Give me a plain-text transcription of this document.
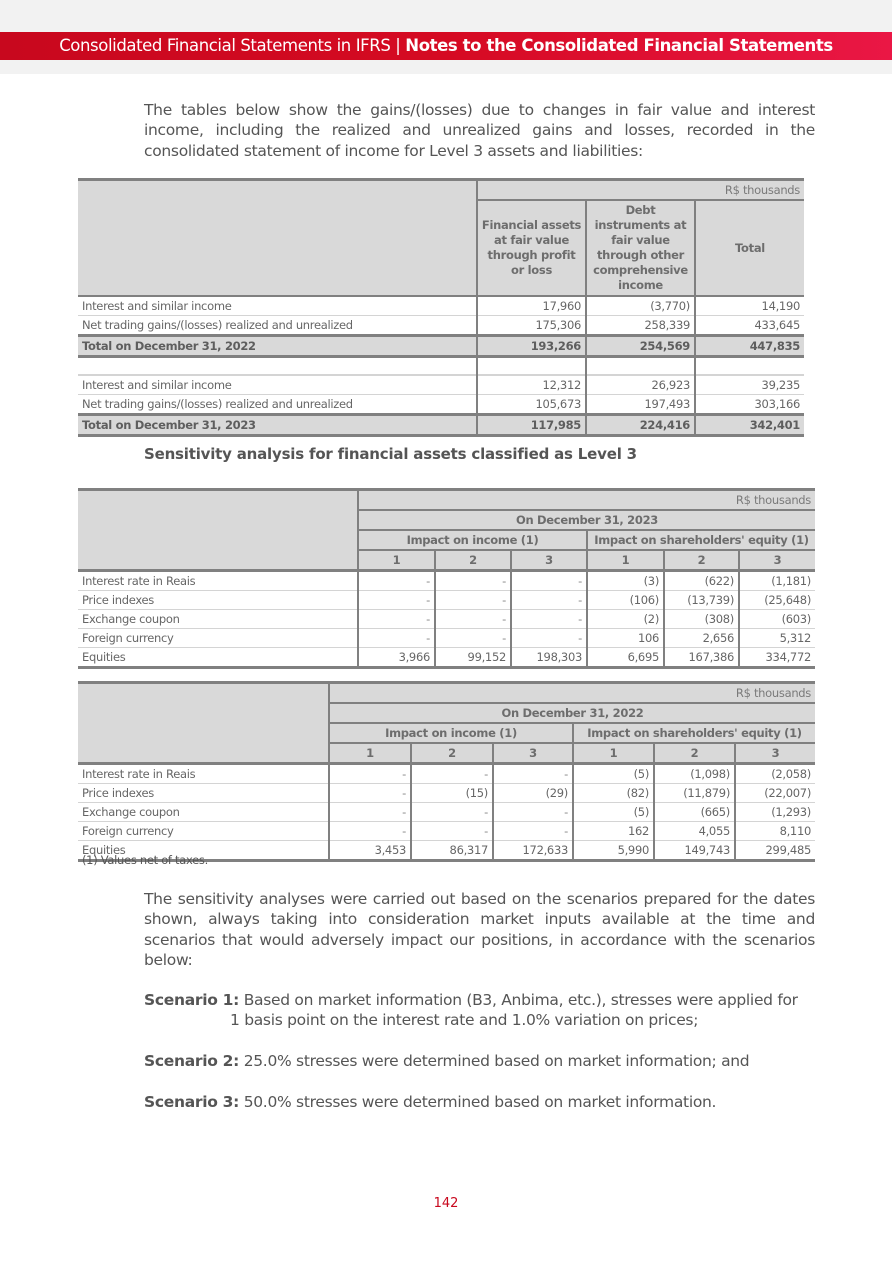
Consolidated Financial Statements in IFRS | Notes to the Consolidated Financial Statements

The tables below show the gains/(losses) due to changes in fair value and interest income, including the realized and unrealized gains and losses, recorded in the consolidated statement of income for Level 3 assets and liabilities:

	R$ thousands		
	Financial assets at fair value through profit or loss	Debt instruments at fair value through other comprehensive income	Total
Interest and similar income	17,960	(3,770)	14,190
Net trading gains/(losses) realized and unrealized	175,306	258,339	433,645
Total on December 31, 2022	193,266	254,569	447,835

Interest and similar income	12,312	26,923	39,235
Net trading gains/(losses) realized and unrealized	105,673	197,493	303,166
Total on December 31, 2023	117,985	224,416	342,401
Sensitivity analysis for financial assets classified as Level 3
	R$ thousands					
	On December 31, 2023					
	Impact on income (1)			Impact on shareholders' equity (1)		
	1	2	3	1	2	3
Interest rate in Reais	-	-	-	(3)	(622)	(1,181)
Price indexes	-	-	-	(106)	(13,739)	(25,648)
Exchange coupon	-	-	-	(2)	(308)	(603)
Foreign currency	-	-	-	106	2,656	5,312
Equities	3,966	99,152	198,303	6,695	167,386	334,772
	R$ thousands					
	On December 31, 2022					
	Impact on income (1)			Impact on shareholders' equity (1)		
	1	2	3	1	2	3
Interest rate in Reais	-	-	-	(5)	(1,098)	(2,058)
Price indexes	-	(15)	(29)	(82)	(11,879)	(22,007)
Exchange coupon	-	-	-	(5)	(665)	(1,293)
Foreign currency	-	-	-	162	4,055	8,110
Equities	3,453	86,317	172,633	5,990	149,743	299,485
(1) Values net of taxes.

The sensitivity analyses were carried out based on the scenarios prepared for the dates shown, always taking into consideration market inputs available at the time and scenarios that would adversely impact our positions, in accordance with the scenarios below:

Scenario 1: Based on market information (B3, Anbima, etc.), stresses were applied for
1 basis point on the interest rate and 1.0% variation on prices;
Scenario 2: 25.0% stresses were determined based on market information; and
Scenario 3: 50.0% stresses were determined based on market information.
142
